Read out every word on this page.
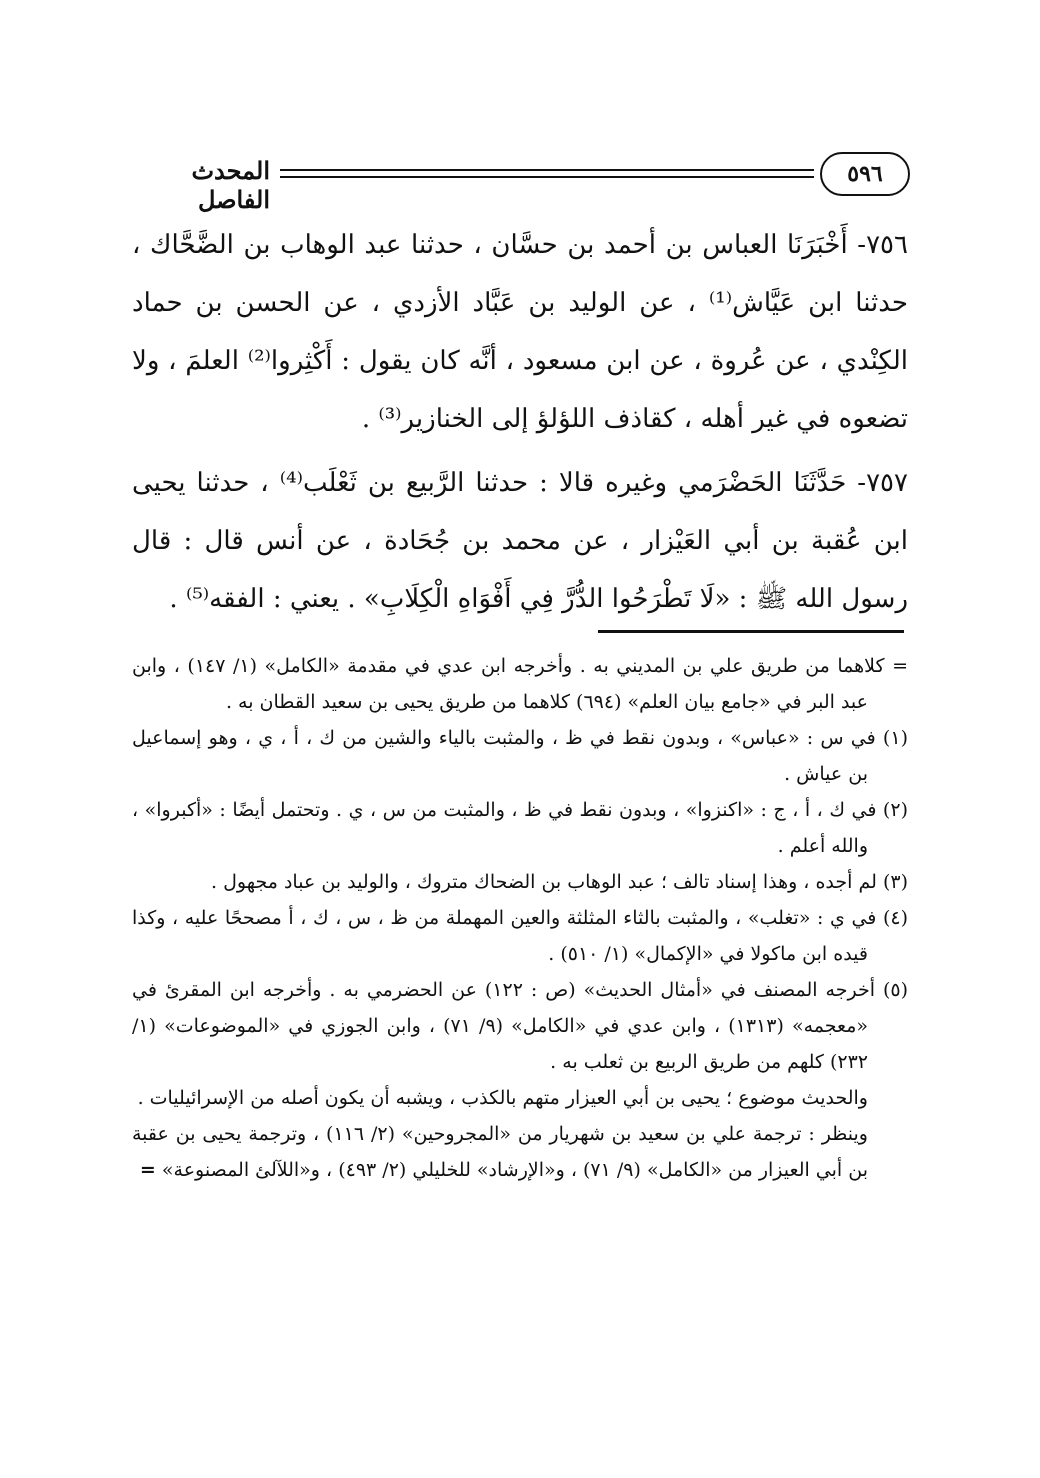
المحدث الفاصل
٥٩٦

٧٥٦- أَخْبَرَنَا العباس بن أحمد بن حسَّان ، حدثنا عبد الوهاب بن الضَّحَّاك ، حدثنا ابن عَيَّاش⁽¹⁾ ، عن الوليد بن عَبَّاد الأزدي ، عن الحسن بن حماد الكِنْدي ، عن عُروة ، عن ابن مسعود ، أنَّه كان يقول : أَكْثِروا⁽²⁾ العلمَ ، ولا تضعوه في غير أهله ، كقاذف اللؤلؤ إلى الخنازير⁽³⁾ .

٧٥٧- حَدَّثَنَا الحَضْرَمي وغيره قالا : حدثنا الرَّبيع بن ثَعْلَب⁽⁴⁾ ، حدثنا يحيى ابن عُقبة بن أبي العَيْزار ، عن محمد بن جُحَادة ، عن أنس قال : قال رسول الله ﷺ : «لَا تَطْرَحُوا الدُّرَّ فِي أَفْوَاهِ الْكِلَابِ» . يعني : الفقه⁽⁵⁾ .

= كلاهما من طريق علي بن المديني به . وأخرجه ابن عدي في مقدمة «الكامل» (١/ ١٤٧) ، وابن عبد البر في «جامع بيان العلم» (٦٩٤) كلاهما من طريق يحيى بن سعيد القطان به .

(١) في س : «عباس» ، وبدون نقط في ظ ، والمثبت بالياء والشين من ك ، أ ، ي ، وهو إسماعيل بن عياش .

(٢) في ك ، أ ، ج : «اكنزوا» ، وبدون نقط في ظ ، والمثبت من س ، ي . وتحتمل أيضًا : «أكبروا» ، والله أعلم .

(٣) لم أجده ، وهذا إسناد تالف ؛ عبد الوهاب بن الضحاك متروك ، والوليد بن عباد مجهول .

(٤) في ي : «تغلب» ، والمثبت بالثاء المثلثة والعين المهملة من ظ ، س ، ك ، أ مصححًا عليه ، وكذا قيده ابن ماكولا في «الإكمال» (١/ ٥١٠) .

(٥) أخرجه المصنف في «أمثال الحديث» (ص : ١٢٢) عن الحضرمي به . وأخرجه ابن المقرئ في «معجمه» (١٣١٣) ، وابن عدي في «الكامل» (٩/ ٧١) ، وابن الجوزي في «الموضوعات» (١/ ٢٣٢) كلهم من طريق الربيع بن ثعلب به .

والحديث موضوع ؛ يحيى بن أبي العيزار متهم بالكذب ، ويشبه أن يكون أصله من الإسرائيليات .

وينظر : ترجمة علي بن سعيد بن شهريار من «المجروحين» (٢/ ١١٦) ، وترجمة يحيى بن عقبة بن أبي العيزار من «الكامل» (٩/ ٧١) ، و«الإرشاد» للخليلي (٢/ ٤٩٣) ، و«اللآلئ المصنوعة» =
